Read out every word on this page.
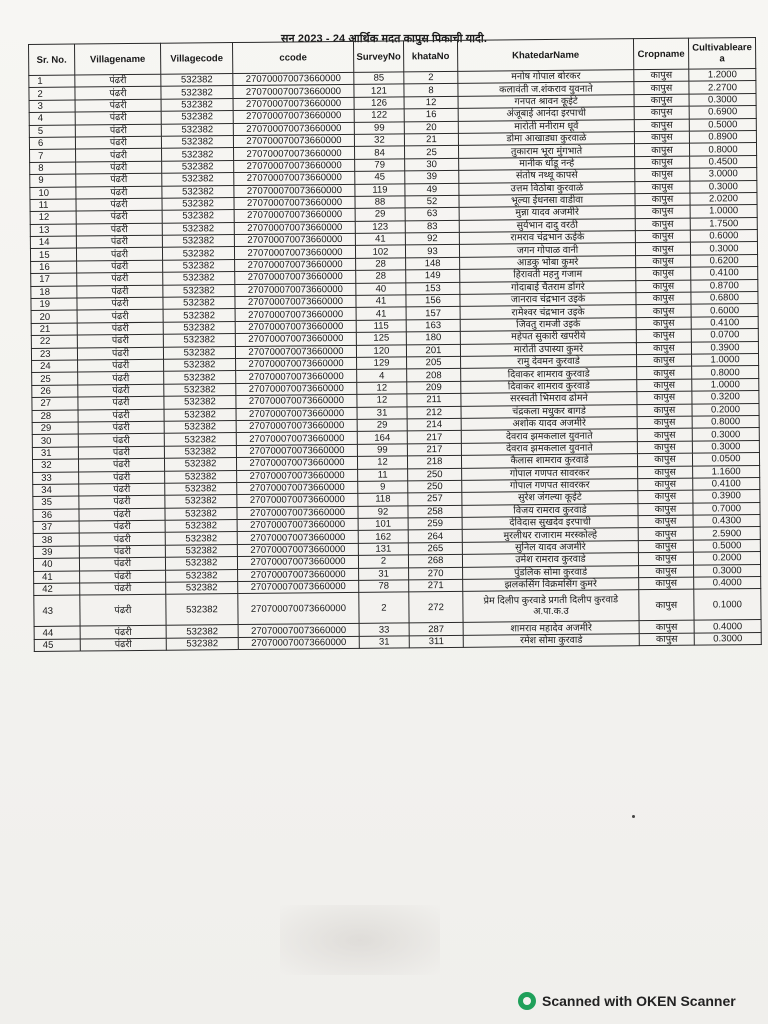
सन 2023 - 24 आर्थिक मदत कापुस पिकाची यादी.
Sr. No.	Villagename	Villagecode	ccode	SurveyNo	khataNo	KhatedarName	Cropname	Cultivablearea
1	पंढरी	532382	270700070073660000	85	2	मनोष गोपाल बोरकर	कापुस	1.2000
2	पंढरी	532382	270700070073660000	121	8	कलावंती ज.शंकराव युवनाते	कापुस	2.2700
3	पंढरी	532382	270700070073660000	126	12	गनपत श्रावन कूईटे	कापुस	0.3000
4	पंढरी	532382	270700070073660000	122	16	अंजूबाई आनंदा इरपाची	कापुस	0.6900
5	पंढरी	532382	270700070073660000	99	20	मारोती मनीराम धूर्वे	कापुस	0.5000
6	पंढरी	532382	270700070073660000	32	21	डोमा आखाड्या कुरवाळे	कापुस	0.8900
7	पंढरी	532382	270700070073660000	84	25	तुकाराम भूरा मुंगभाते	कापुस	0.8000
8	पंढरी	532382	270700070073660000	79	30	मानीक धोंडू नन्हे	कापुस	0.4500
9	पंढरी	532382	270700070073660000	45	39	संतोष नथ्थू कापसे	कापुस	3.0000
10	पंढरी	532382	270700070073660000	119	49	उत्तम विठोबा कुरवाळे	कापुस	0.3000
11	पंढरी	532382	270700070073660000	88	52	भूल्या ईधनसा वाडीवा	कापुस	2.0200
12	पंढरी	532382	270700070073660000	29	63	मुन्ना यादव अजमीरे	कापुस	1.0000
13	पंढरी	532382	270700070073660000	123	83	सुर्यभान दादु वरठी	कापुस	1.7500
14	पंढरी	532382	270700070073660000	41	92	रामराव चंद्रभान ऊईके	कापुस	0.6000
15	पंढरी	532382	270700070073660000	102	93	जगन गोपाळ वानी	कापुस	0.3000
16	पंढरी	532382	270700070073660000	28	148	आडकु भोबा कुमरे	कापुस	0.6200
17	पंढरी	532382	270700070073660000	28	149	हिरावती महनु गजाम	कापुस	0.4100
18	पंढरी	532382	270700070073660000	40	153	गोदाबाई चैतराम डोंगरे	कापुस	0.8700
19	पंढरी	532382	270700070073660000	41	156	जानराव चंद्रभान उइके	कापुस	0.6800
20	पंढरी	532382	270700070073660000	41	157	रामेश्वर चंद्रभान उइके	कापुस	0.6000
21	पंढरी	532382	270700070073660000	115	163	जिवतु रामजी उइके	कापुस	0.4100
22	पंढरी	532382	270700070073660000	125	180	महेपत सुकारी खपरीये	कापुस	0.0700
23	पंढरी	532382	270700070073660000	120	201	मारोती उपास्या कुमरे	कापुस	0.3900
24	पंढरी	532382	270700070073660000	129	205	रामु देवमन कुरवाडे	कापुस	1.0000
25	पंढरी	532382	270700070073660000	4	208	दिवाकर शामराव कुरवाडे	कापुस	0.8000
26	पंढरी	532382	270700070073660000	12	209	दिवाकर शामराव कुरवाडे	कापुस	1.0000
27	पंढरी	532382	270700070073660000	12	211	सरस्वती भिमराव ढोमने	कापुस	0.3200
28	पंढरी	532382	270700070073660000	31	212	चंद्रकला मधुकर बागडे	कापुस	0.2000
29	पंढरी	532382	270700070073660000	29	214	अशोक यादव अजमीरे	कापुस	0.8000
30	पंढरी	532382	270700070073660000	164	217	देवराव झमकलाल युवनाते	कापुस	0.3000
31	पंढरी	532382	270700070073660000	99	217	देवराव झमकलाल युवनाते	कापुस	0.3000
32	पंढरी	532382	270700070073660000	12	218	कैलास शामराव कुरवाडे	कापुस	0.0500
33	पंढरी	532382	270700070073660000	11	250	गोपाल गणपत सावरकर	कापुस	1.1600
34	पंढरी	532382	270700070073660000	9	250	गोपाल गणपत सावरकर	कापुस	0.4100
35	पंढरी	532382	270700070073660000	118	257	सुरेश जंगल्या कूईटे	कापुस	0.3900
36	पंढरी	532382	270700070073660000	92	258	विजय रामराव कुरवाडे	कापुस	0.7000
37	पंढरी	532382	270700070073660000	101	259	देविदास सुखदेव इरपाची	कापुस	0.4300
38	पंढरी	532382	270700070073660000	162	264	मुरलीधर राजाराम मरस्कोल्हे	कापुस	2.5900
39	पंढरी	532382	270700070073660000	131	265	सुनिल यादव अजमीरे	कापुस	0.5000
40	पंढरी	532382	270700070073660000	2	268	उमेश रामराव कुरवाडे	कापुस	0.2000
41	पंढरी	532382	270700070073660000	31	270	पुंडलिक सोमा कुरवाडे	कापुस	0.3000
42	पंढरी	532382	270700070073660000	78	271	झलकसिंग विक्रमसिंग कुमरे	कापुस	0.4000
43	पंढरी	532382	270700070073660000	2	272	प्रेम दिलीप कुरवाडे प्रगती दिलीप कुरवाडे अ.पा.क.उ	कापुस	0.1000
44	पंढरी	532382	270700070073660000	33	287	शामराव महादेव अजमीरे	कापुस	0.4000
45	पंढरी	532382	270700070073660000	31	311	रमेश सोमा कुरवाडे	कापुस	0.3000
Scanned with OKEN Scanner
